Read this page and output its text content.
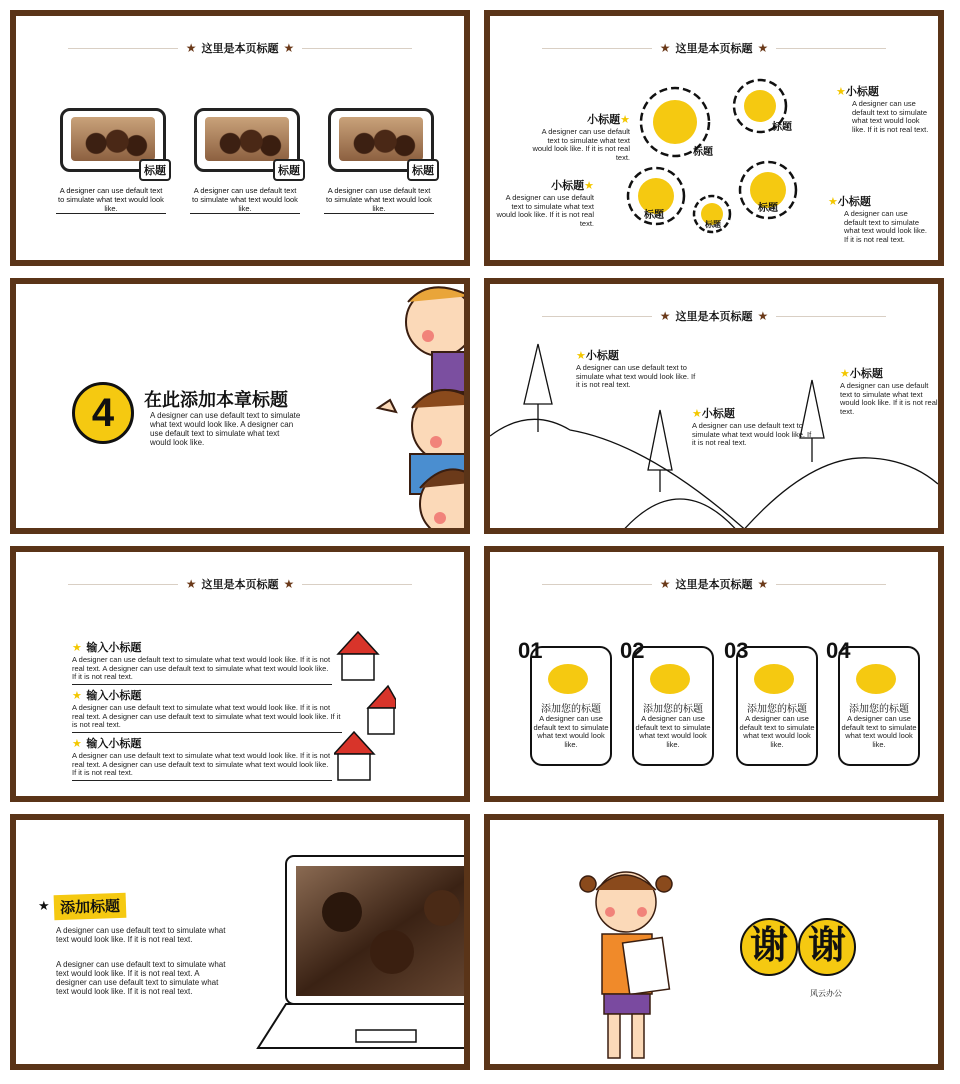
★ 这里是本页标题 ★
标题	标题	标题
A designer can use default text to simulate what text would look like.
A designer can use default text to simulate what text would look like.
A designer can use default text to simulate what text would look like.
★ 这里是本页标题 ★
标题
标题
标题
标题
标题
小标题★
A designer can use default text to simulate what text would look like. If it is not real text.
小标题★
A designer can use default text to simulate what text would look like. If it is not real text.
★小标题
A designer can use default text to simulate what text would look like. If it is not real text.
★小标题
A designer can use default text to simulate what text would look like. If it is not real text.
4	在此添加本章标题
A designer can use default text to simulate what text would look like. A designer can use default text to simulate what text would look like.
★ 这里是本页标题 ★
★小标题
A designer can use default text to simulate what text would look like. If it is not real text.
★小标题
A designer can use default text to simulate what text would look like. If it is not real text.
★小标题
A designer can use default text to simulate what text would look like. If it is not real text.
★ 这里是本页标题 ★
★ 输入小标题
A designer can use default text to simulate what text would look like. If it is not real text. A designer can use default text to simulate what text would look like. If it is not real text.
★ 输入小标题
A designer can use default text to simulate what text would look like. If it is not real text. A designer can use default text to simulate what text would look like. If it is not real text.
★ 输入小标题
A designer can use default text to simulate what text would look like. If it is not real text. A designer can use default text to simulate what text would look like. If it is not real text.
★ 这里是本页标题 ★
01
添加您的标题
A designer can use default text to simulate what text would look like.
02
添加您的标题
A designer can use default text to simulate what text would look like.
03
添加您的标题
A designer can use default text to simulate what text would look like.
04
添加您的标题
A designer can use default text to simulate what text would look like.
★ 添加标题
A designer can use default text to simulate what text would look like. If it is not real text.
A designer can use default text to simulate what text would look like. If it is not real text. A designer can use default text to simulate what text would look like. If it is not real text.
谢 谢
风云办公
